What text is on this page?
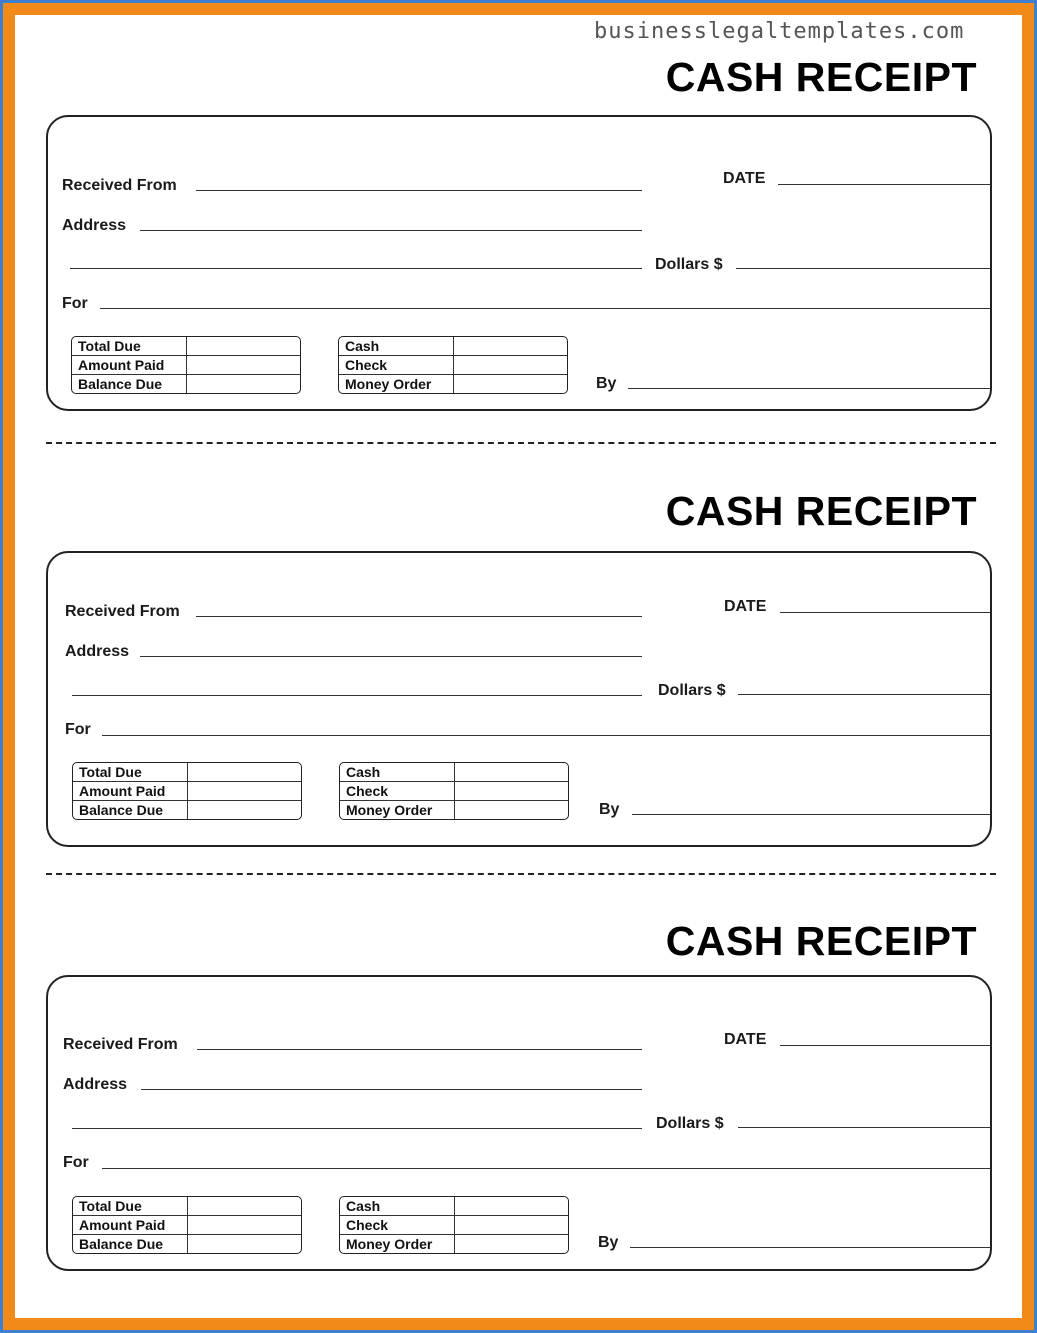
businesslegaltemplates.com
CASH RECEIPT
Received From	DATE
Address
Dollars $
For
Total Due
Amount Paid
Balance Due
Cash
Check
Money Order	By
CASH RECEIPT
Received From	DATE
Address
Dollars $
For
Total Due
Amount Paid
Balance Due
Cash
Check
Money Order	By
CASH RECEIPT
Received From	DATE
Address
Dollars $
For
Total Due
Amount Paid
Balance Due
Cash
Check
Money Order	By
